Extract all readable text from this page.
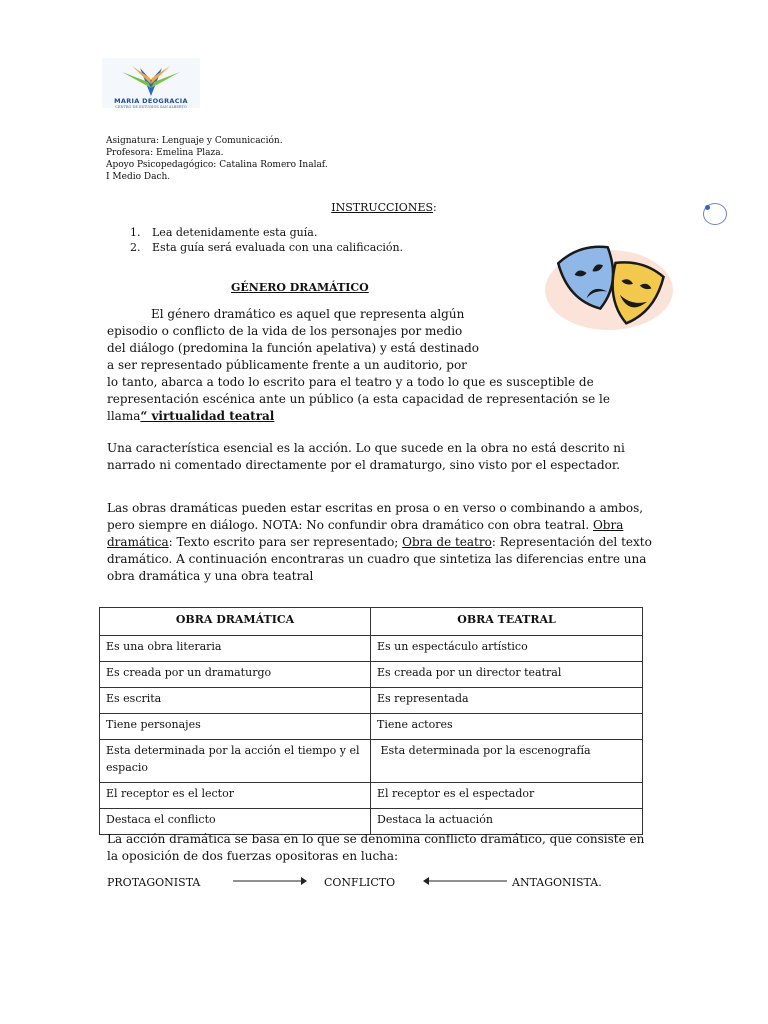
MARIA DEOGRACIA
CENTRO DE ESTUDIOS SAN ALBERTO
Asignatura: Lenguaje y Comunicación.
Profesora: Emelina Plaza.
Apoyo Psicopedagógico: Catalina Romero Inalaf.
I Medio Dach.
INSTRUCCIONES:
1. Lea detenidamente esta guía.
2. Esta guía será evaluada con una calificación.
GÉNERO DRAMÁTICO
El género dramático es aquel que representa algún
episodio o conflicto de la vida de los personajes por medio
del diálogo (predomina la función apelativa) y está destinado
a ser representado públicamente frente a un auditorio, por
lo tanto, abarca a todo lo escrito para el teatro y a todo lo que es susceptible de
representación escénica ante un público (a esta capacidad de representación se le
llama“ virtualidad teatral
Una característica esencial es la acción. Lo que sucede en la obra no está descrito ni narrado ni comentado directamente por el dramaturgo, sino visto por el espectador.
Las obras dramáticas pueden estar escritas en prosa o en verso o combinando a ambos, pero siempre en diálogo. NOTA: No confundir obra dramático con obra teatral. Obra dramática: Texto escrito para ser representado; Obra de teatro: Representación del texto dramático. A continuación encontraras un cuadro que sintetiza las diferencias entre una obra dramática y una obra teatral
OBRA DRAMÁTICA	OBRA TEATRAL
Es una obra literaria	Es un espectáculo artístico
Es creada por un dramaturgo	Es creada por un director teatral
Es escrita	Es representada
Tiene personajes	Tiene actores
Esta determinada por la acción el tiempo y el espacio	Esta determinada por la escenografía
El receptor es el lector	El receptor es el espectador
Destaca el conflicto	Destaca la actuación
La acción dramática se basa en lo que se denomina conflicto dramático, que consiste en la oposición de dos fuerzas opositoras en lucha:
PROTAGONISTA	CONFLICTO	ANTAGONISTA.
